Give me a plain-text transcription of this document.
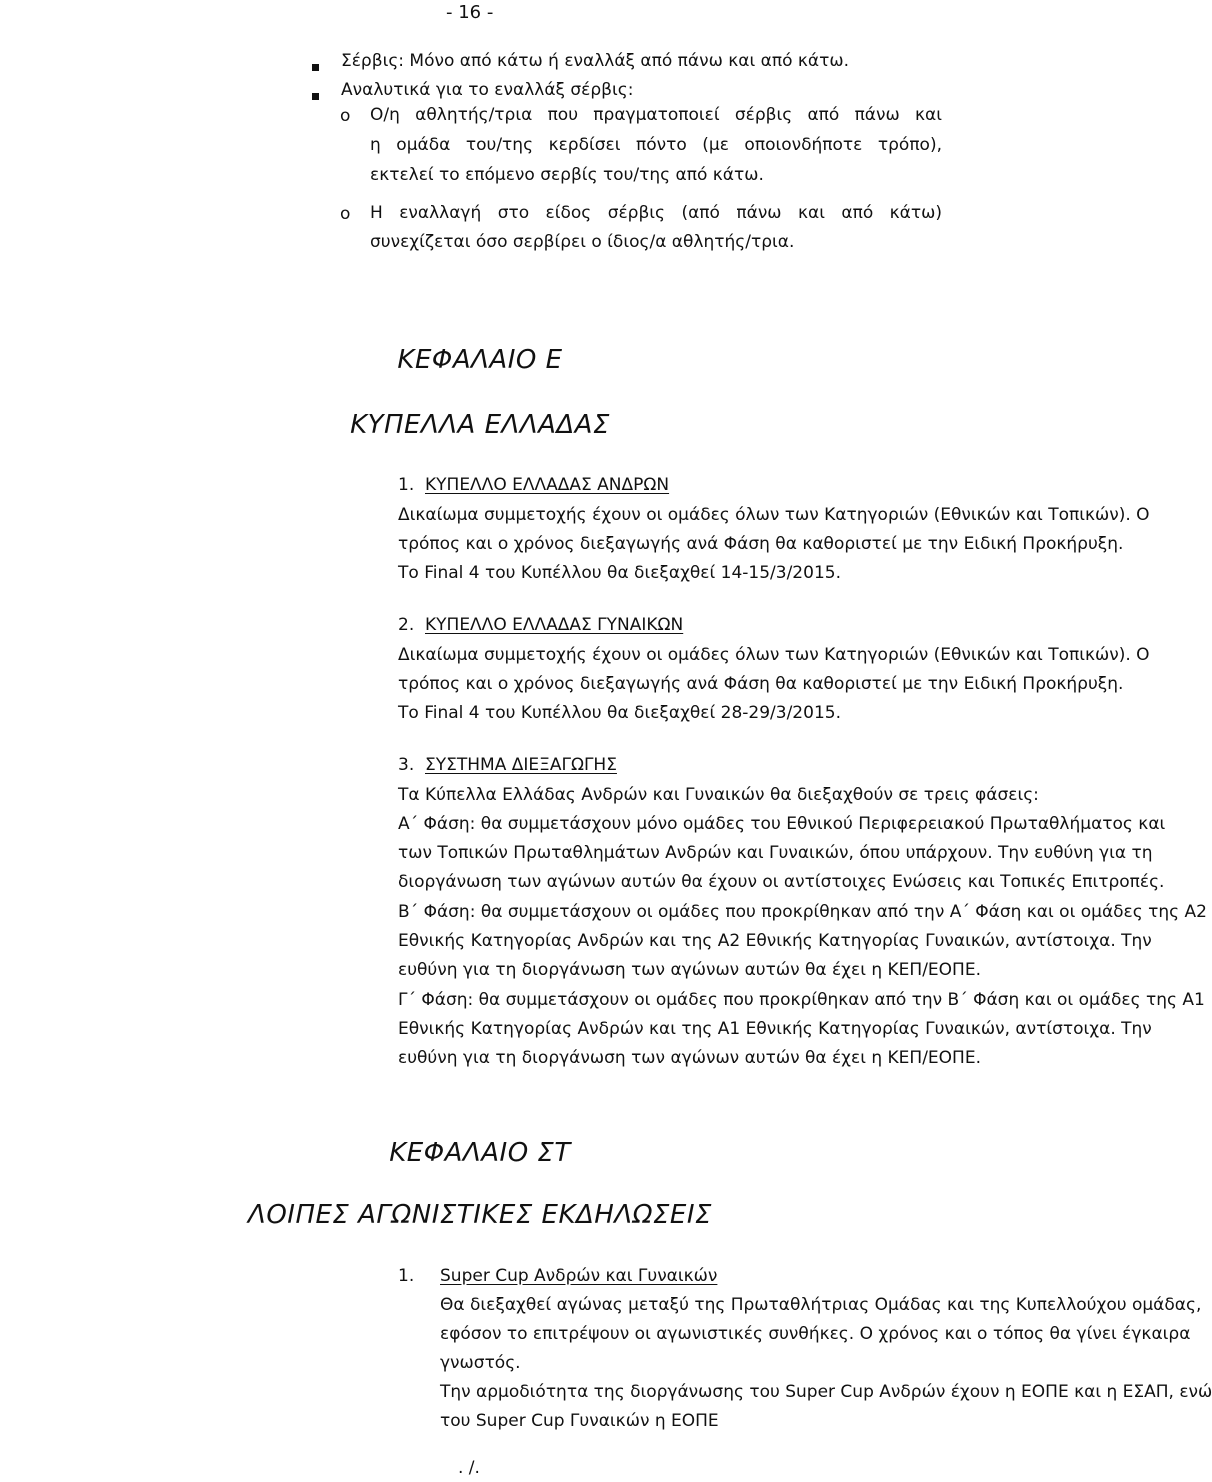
- 16 -
Σέρβις: Μόνο από κάτω ή εναλλάξ από πάνω και από κάτω.
Αναλυτικά για το εναλλάξ σέρβις:
o Ο/η αθλητής/τρια που πραγματοποιεί σέρβις από πάνω και
η ομάδα του/της κερδίσει πόντο (με οποιονδήποτε τρόπο),
εκτελεί το επόμενο σερβίς του/της από κάτω.
o Η εναλλαγή στο είδος σέρβις (από πάνω και από κάτω)
συνεχίζεται όσο σερβίρει ο ίδιος/α αθλητής/τρια.
ΚΕΦΑΛΑΙΟ Ε
ΚΥΠΕΛΛΑ ΕΛΛΑΔΑΣ
1. ΚΥΠΕΛΛΟ ΕΛΛΑΔΑΣ ΑΝΔΡΩΝ
Δικαίωμα συμμετοχής έχουν οι ομάδες όλων των Κατηγοριών (Εθνικών και Τοπικών). Ο
τρόπος και ο χρόνος διεξαγωγής ανά Φάση θα καθοριστεί με την Ειδική Προκήρυξη.
Το Final 4 του Κυπέλλου θα διεξαχθεί 14-15/3/2015.
2. ΚΥΠΕΛΛΟ ΕΛΛΑΔΑΣ ΓΥΝΑΙΚΩΝ
Δικαίωμα συμμετοχής έχουν οι ομάδες όλων των Κατηγοριών (Εθνικών και Τοπικών). Ο
τρόπος και ο χρόνος διεξαγωγής ανά Φάση θα καθοριστεί με την Ειδική Προκήρυξη.
Το Final 4 του Κυπέλλου θα διεξαχθεί 28-29/3/2015.
3. ΣΥΣΤΗΜΑ ΔΙΕΞΑΓΩΓΗΣ
Τα Κύπελλα Ελλάδας Ανδρών και Γυναικών θα διεξαχθούν σε τρεις φάσεις:
Α΄ Φάση: θα συμμετάσχουν μόνο ομάδες του Εθνικού Περιφερειακού Πρωταθλήματος και
των Τοπικών Πρωταθλημάτων Ανδρών και Γυναικών, όπου υπάρχουν. Την ευθύνη για τη
διοργάνωση των αγώνων αυτών θα έχουν οι αντίστοιχες Ενώσεις και Τοπικές Επιτροπές.
Β΄ Φάση: θα συμμετάσχουν οι ομάδες που προκρίθηκαν από την Α΄ Φάση και οι ομάδες της Α2
Εθνικής Κατηγορίας Ανδρών και της Α2 Εθνικής Κατηγορίας Γυναικών, αντίστοιχα. Την
ευθύνη για τη διοργάνωση των αγώνων αυτών θα έχει η ΚΕΠ/ΕΟΠΕ.
Γ΄ Φάση: θα συμμετάσχουν οι ομάδες που προκρίθηκαν από την Β΄ Φάση και οι ομάδες της Α1
Εθνικής Κατηγορίας Ανδρών και της Α1 Εθνικής Κατηγορίας Γυναικών, αντίστοιχα. Την
ευθύνη για τη διοργάνωση των αγώνων αυτών θα έχει η ΚΕΠ/ΕΟΠΕ.
ΚΕΦΑΛΑΙΟ ΣΤ
ΛΟΙΠΕΣ ΑΓΩΝΙΣΤΙΚΕΣ ΕΚΔΗΛΩΣΕΙΣ
1. Super Cup Ανδρών και Γυναικών
Θα διεξαχθεί αγώνας μεταξύ της Πρωταθλήτριας Ομάδας και της Κυπελλούχου ομάδας,
εφόσον το επιτρέψουν οι αγωνιστικές συνθήκες. Ο χρόνος και ο τόπος θα γίνει έγκαιρα
γνωστός.
Την αρμοδιότητα της διοργάνωσης του Super Cup Ανδρών έχουν η ΕΟΠΕ και η ΕΣΑΠ, ενώ
του Super Cup Γυναικών η ΕΟΠΕ
. /.
